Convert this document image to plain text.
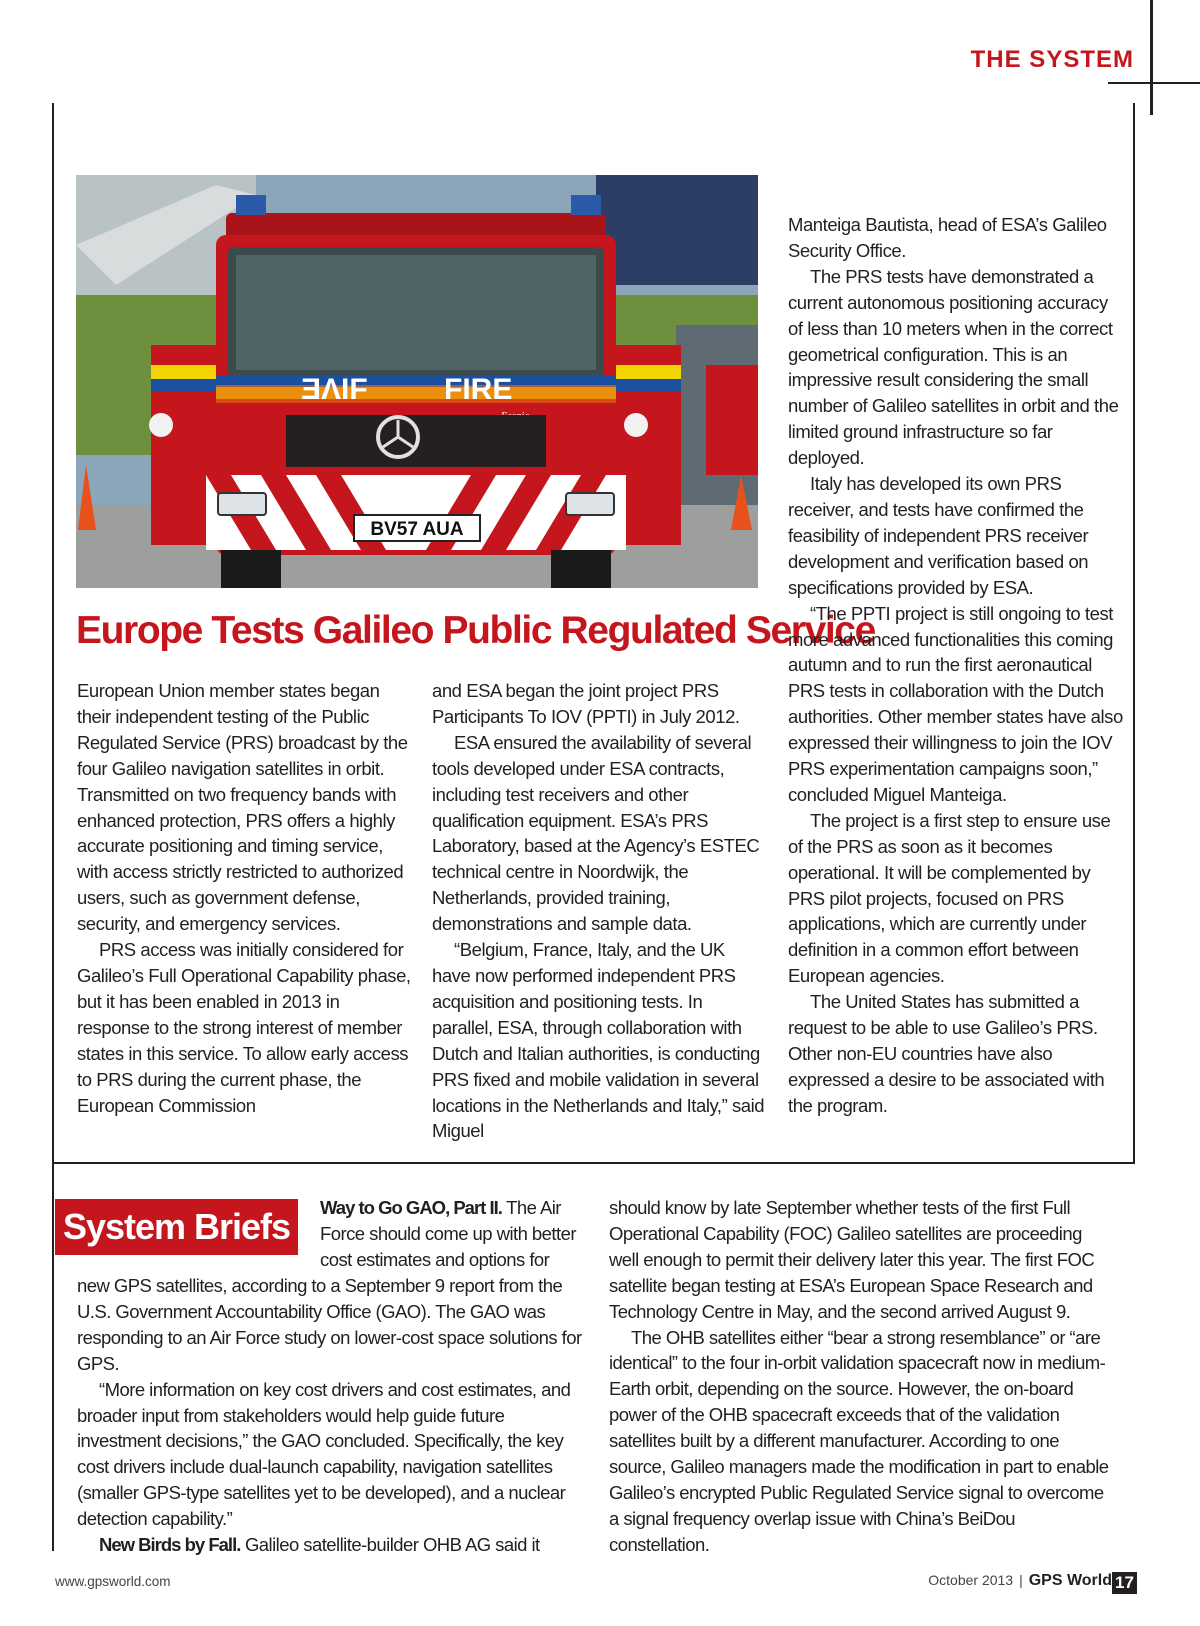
THE SYSTEM
ƎɅIF	FIRE
BV57 AUA
Europe Tests Galileo Public Regulated Service

European Union member states began their independent testing of the Public Regulated Service (PRS) broadcast by the four Galileo navigation satellites in orbit. Transmitted on two frequency bands with enhanced protection, PRS offers a highly accurate positioning and timing service, with access strictly restricted to authorized users, such as government defense, security, and emergency services.

PRS access was initially considered for Galileo’s Full Operational Capability phase, but it has been enabled in 2013 in response to the strong interest of member states in this service. To allow early access to PRS during the current phase, the European Commission

and ESA began the joint project PRS Participants To IOV (PPTI) in July 2012.

ESA ensured the availability of several tools developed under ESA contracts, including test receivers and other qualification equipment. ESA’s PRS Laboratory, based at the Agency’s ESTEC technical centre in Noordwijk, the Netherlands, provided training, demonstrations and sample data.

“Belgium, France, Italy, and the UK have now performed independent PRS acquisition and positioning tests. In parallel, ESA, through collaboration with Dutch and Italian authorities, is conducting PRS fixed and mobile validation in several locations in the Netherlands and Italy,” said Miguel

Manteiga Bautista, head of ESA’s Galileo Security Office.

The PRS tests have demonstrated a current autonomous positioning accuracy of less than 10 meters when in the correct geometrical configuration. This is an impressive result considering the small number of Galileo satellites in orbit and the limited ground infrastructure so far deployed.

Italy has developed its own PRS receiver, and tests have confirmed the feasibility of independent PRS receiver development and verification based on specifications provided by ESA.

“The PPTI project is still ongoing to test more advanced functionalities this coming autumn and to run the first aeronautical PRS tests in collaboration with the Dutch authorities. Other member states have also expressed their willingness to join the IOV PRS experimentation campaigns soon,” concluded Miguel Manteiga.

The project is a first step to ensure use of the PRS as soon as it becomes operational. It will be complemented by PRS pilot projects, focused on PRS applications, which are currently under definition in a common effort between European agencies.

The United States has submitted a request to be able to use Galileo’s PRS. Other non-EU countries have also expressed a desire to be associated with the program.

System Briefs	Way to Go GAO, Part II. The Air Force should come up with better cost estimates and options for

new GPS satellites, according to a September 9 report from the U.S. Government Accountability Office (GAO). The GAO was responding to an Air Force study on lower-cost space solutions for GPS.

“More information on key cost drivers and cost estimates, and broader input from stakeholders would help guide future investment decisions,” the GAO concluded. Specifically, the key cost drivers include dual-launch capability, navigation satellites (smaller GPS-type satellites yet to be developed), and a nuclear detection capability.”

New Birds by Fall. Galileo satellite-builder OHB AG said it

should know by late September whether tests of the first Full Operational Capability (FOC) Galileo satellites are proceeding well enough to permit their delivery later this year. The first FOC satellite began testing at ESA’s European Space Research and Technology Centre in May, and the second arrived August 9.

The OHB satellites either “bear a strong resemblance” or “are identical” to the four in-orbit validation spacecraft now in medium-Earth orbit, depending on the source. However, the on-board power of the OHB spacecraft exceeds that of the validation satellites built by a different manufacturer. According to one source, Galileo managers made the modification in part to enable Galileo’s encrypted Public Regulated Service signal to overcome a signal frequency overlap issue with China’s BeiDou constellation.

www.gpsworld.com	October 2013 | GPS World 17
